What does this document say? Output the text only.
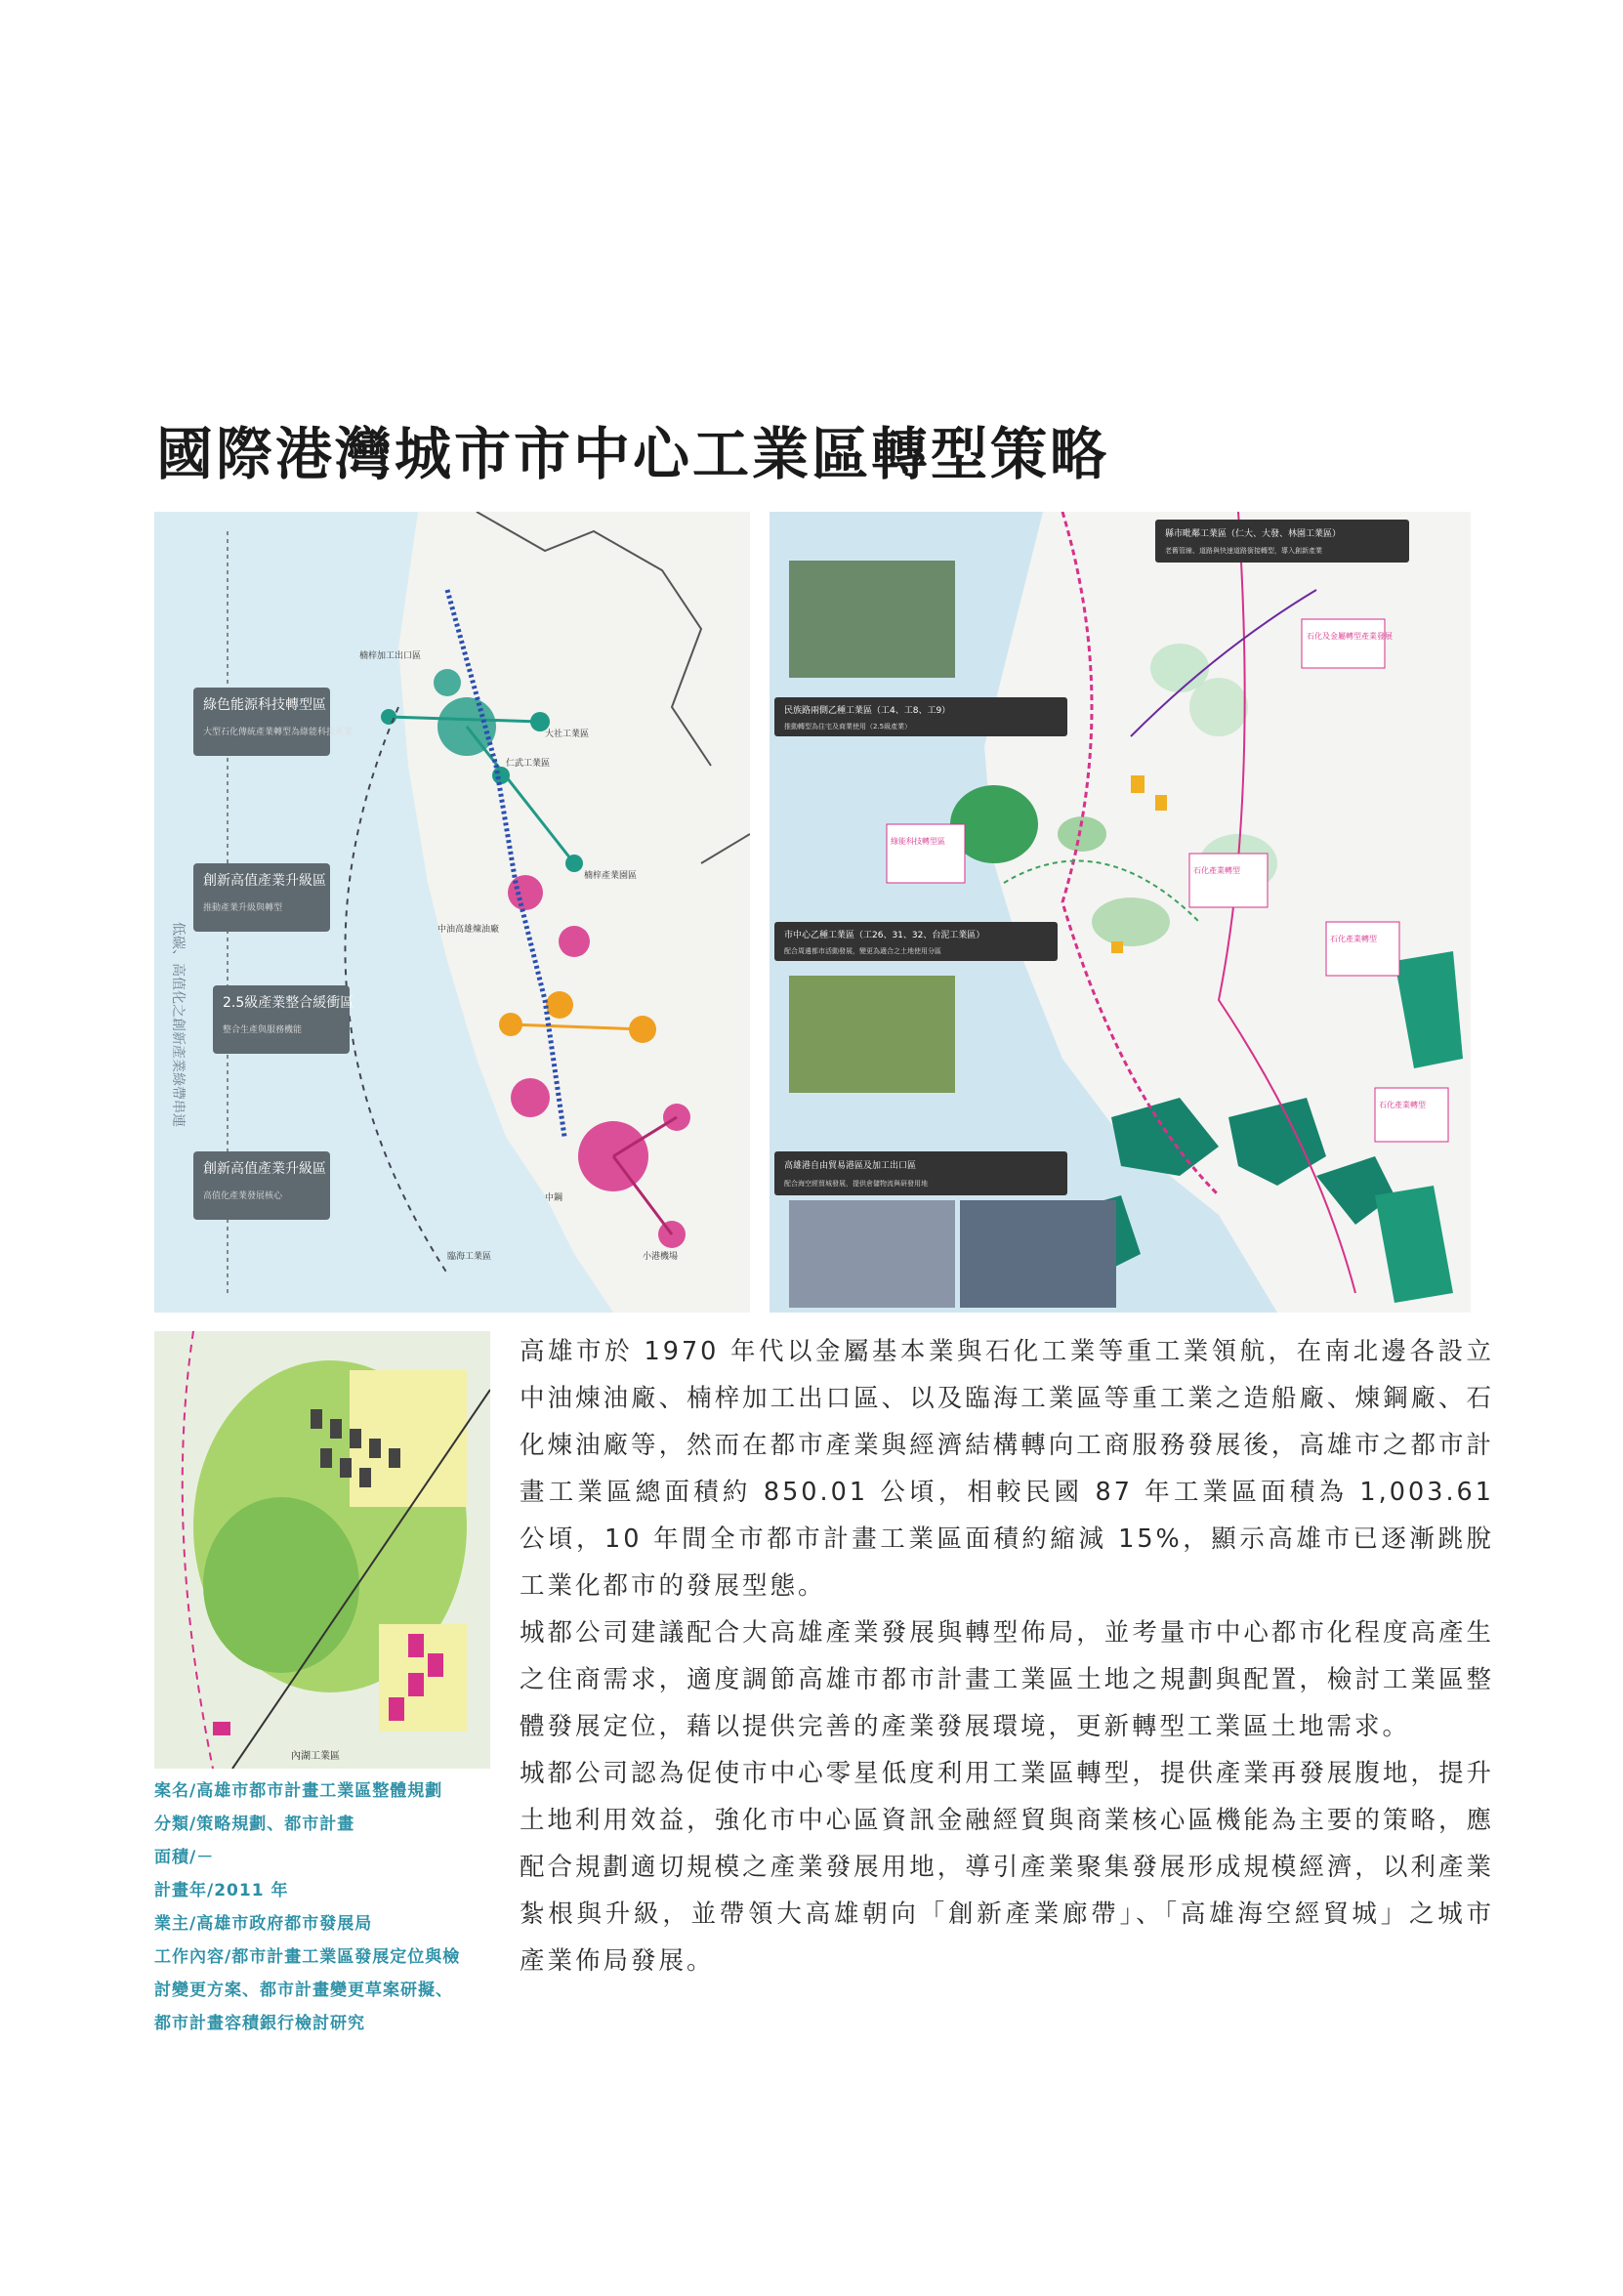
國際港灣城市市中心工業區轉型策略
低碳、高值化之創新產業綠帶串連
綠色能源科技轉型區
大型石化傳統產業轉型為綠能科技產業
創新高值產業升級區
推動產業升級與轉型
2.5級產業整合緩衝區
整合生產與服務機能
創新高值產業升級區
高值化產業發展核心
楠梓加工出口區
大社工業區
仁武工業區
楠梓產業園區
中油高雄煉油廠
中鋼
臨海工業區	小港機場
縣市毗鄰工業區（仁大、大發、林園工業區）
老舊管線、道路與快速道路銜接轉型，導入創新產業
民族路兩側乙種工業區（工4、工8、工9）
推動轉型為住宅及商業使用（2.5級產業）
市中心乙種工業區（工26、31、32、台泥工業區）
配合周邊都市活動發展，變更為適合之土地使用分區
高雄港自由貿易港區及加工出口區
配合海空經貿城發展，提供倉儲物流與研發用地
石化及金屬轉型產業發展
綠能科技轉型區
石化產業轉型
石化產業轉型
石化產業轉型
內湖工業區
案名/高雄市都市計畫工業區整體規劃
分類/策略規劃、都市計畫
面積/－
計畫年/2011 年
業主/高雄市政府都市發展局
工作內容/都市計畫工業區發展定位與檢
討變更方案、都市計畫變更草案研擬、
都市計畫容積銀行檢討研究

高雄市於 1970 年代以金屬基本業與石化工業等重工業領航，在南北邊各設立中油煉油廠、楠梓加工出口區、以及臨海工業區等重工業之造船廠、煉鋼廠、石化煉油廠等，然而在都市產業與經濟結構轉向工商服務發展後，高雄市之都市計畫工業區總面積約 850.01 公頃，相較民國 87 年工業區面積為 1,003.61 公頃，10 年間全市都市計畫工業區面積約縮減 15%，顯示高雄市已逐漸跳脫工業化都市的發展型態。

城都公司建議配合大高雄產業發展與轉型佈局，並考量市中心都市化程度高產生之住商需求，適度調節高雄市都市計畫工業區土地之規劃與配置，檢討工業區整體發展定位，藉以提供完善的產業發展環境，更新轉型工業區土地需求。

城都公司認為促使市中心零星低度利用工業區轉型，提供產業再發展腹地，提升土地利用效益，強化市中心區資訊金融經貿與商業核心區機能為主要的策略，應配合規劃適切規模之產業發展用地，導引產業聚集發展形成規模經濟，以利產業紮根與升級，並帶領大高雄朝向「創新產業廊帶」、「高雄海空經貿城」之城市產業佈局發展。
